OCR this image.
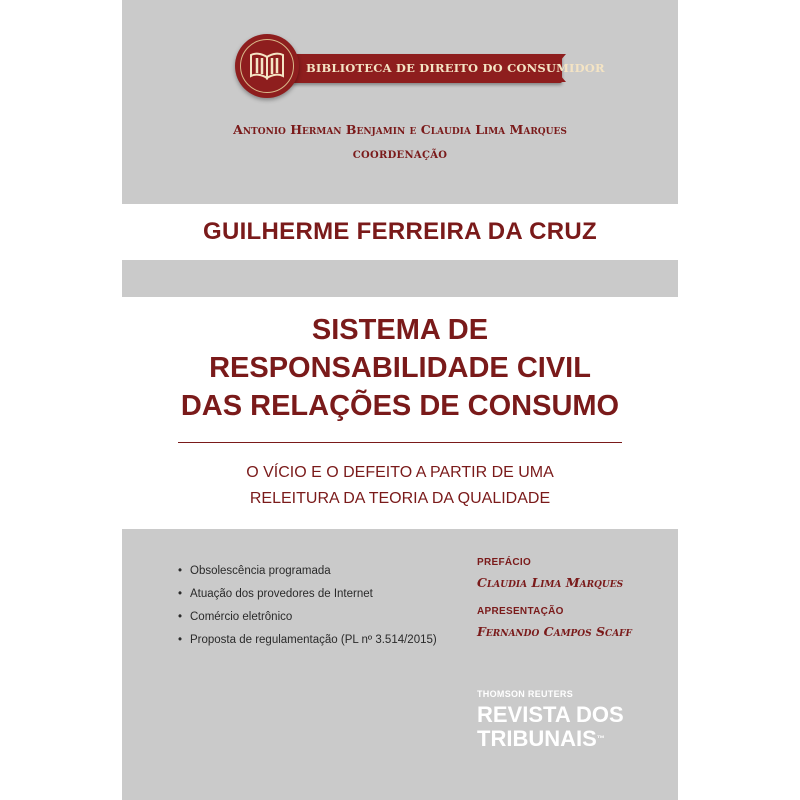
BIBLIOTECA DE DIREITO DO CONSUMIDOR
Antonio Herman Benjamin e Claudia Lima Marques
COORDENAÇÃO
GUILHERME FERREIRA DA CRUZ
SISTEMA DE
RESPONSABILIDADE CIVIL
DAS RELAÇÕES DE CONSUMO
O VÍCIO E O DEFEITO A PARTIR DE UMA
RELEITURA DA TEORIA DA QUALIDADE
• Obsolescência programada
• Atuação dos provedores de Internet
• Comércio eletrônico
• Proposta de regulamentação (PL nº 3.514/2015)
PREFÁCIO
Claudia Lima Marques
APRESENTAÇÃO
Fernando Campos Scaff
THOMSON REUTERS
REVISTA DOS
TRIBUNAIS™
